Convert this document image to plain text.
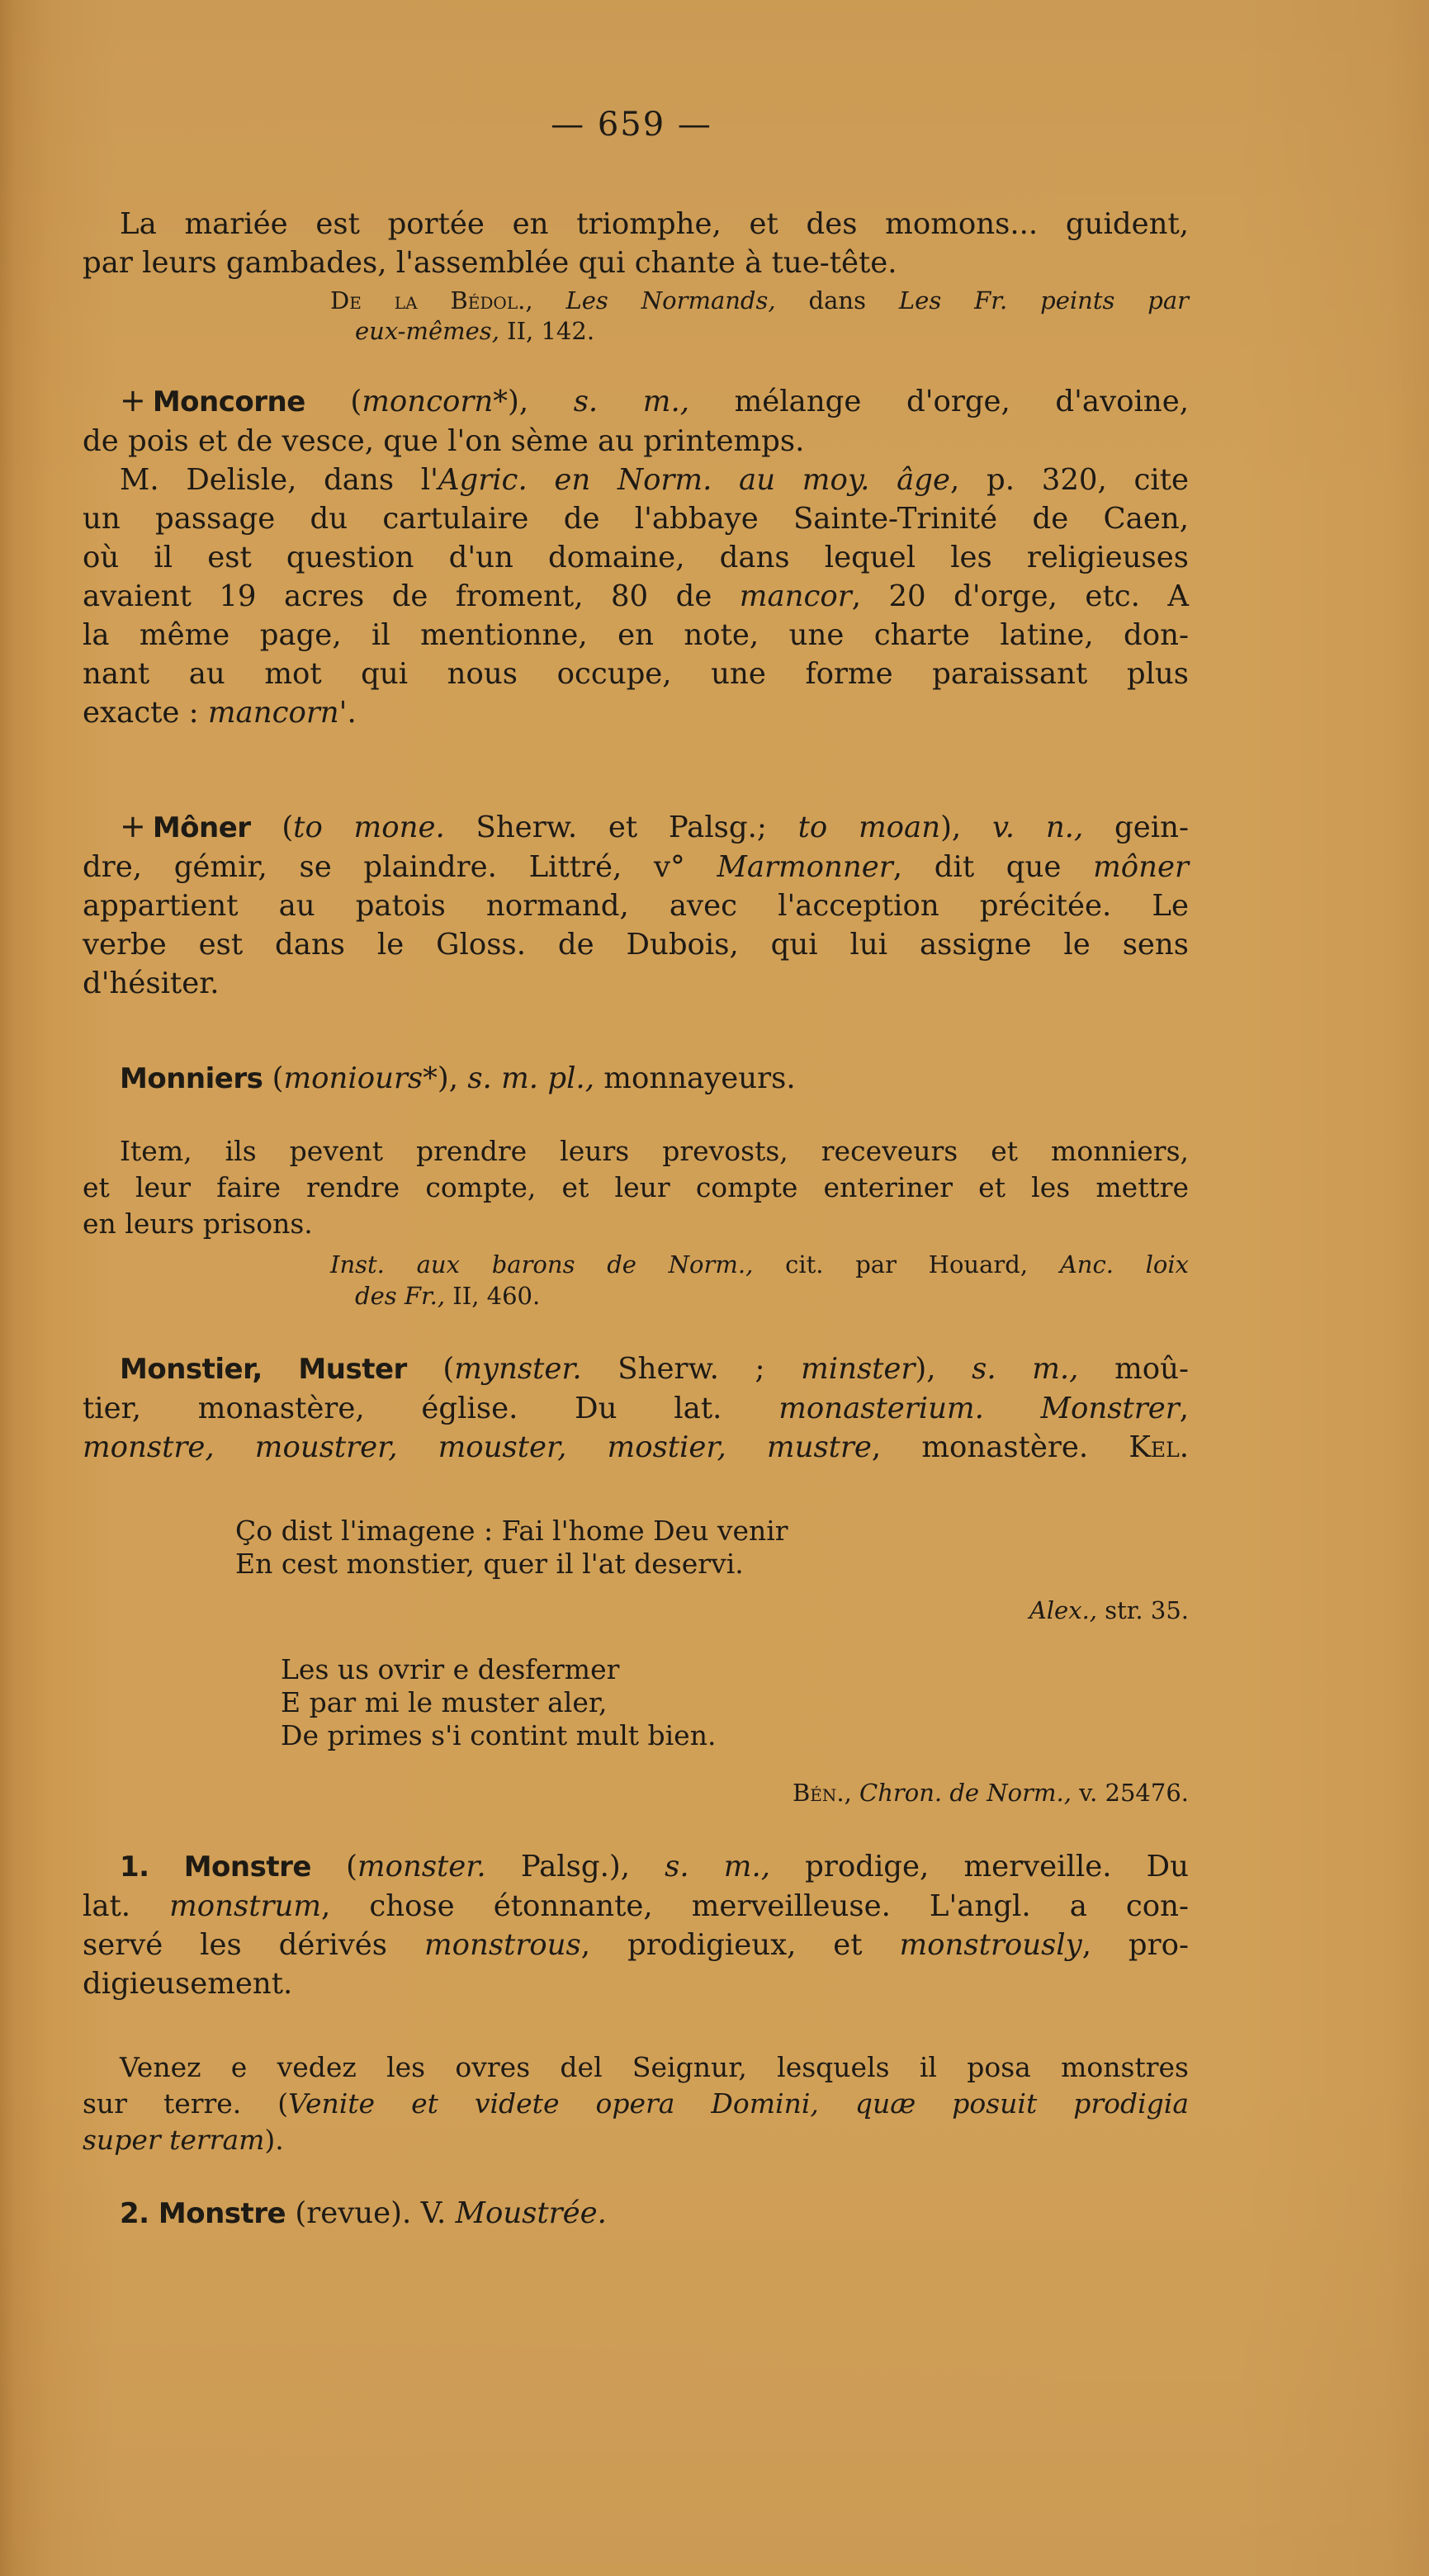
— 659 —
La mariée est portée en triomphe, et des momons... guident,
par leurs gambades, l'assemblée qui chante à tue-tête.
De la Bédol., Les Normands, dans Les Fr. peints par
eux-mêmes, II, 142.
+ Moncorne (moncorn*), s. m., mélange d'orge, d'avoine,
de pois et de vesce, que l'on sème au printemps.
M. Delisle, dans l'Agric. en Norm. au moy. âge, p. 320, cite
un passage du cartulaire de l'abbaye Sainte-Trinité de Caen,
où il est question d'un domaine, dans lequel les religieuses
avaient 19 acres de froment, 80 de mancor, 20 d'orge, etc. A
la même page, il mentionne, en note, une charte latine, don-
nant au mot qui nous occupe, une forme paraissant plus
exacte : mancorn'.
+ Môner (to mone. Sherw. et Palsg.; to moan), v. n., gein-
dre, gémir, se plaindre. Littré, v° Marmonner, dit que môner
appartient au patois normand, avec l'acception précitée. Le
verbe est dans le Gloss. de Dubois, qui lui assigne le sens
d'hésiter.
Monniers (moniours*), s. m. pl., monnayeurs.
Item, ils pevent prendre leurs prevosts, receveurs et monniers,
et leur faire rendre compte, et leur compte enteriner et les mettre
en leurs prisons.
Inst. aux barons de Norm., cit. par Houard, Anc. loix
des Fr., II, 460.
Monstier, Muster (mynster. Sherw. ; minster), s. m., moû-
tier, monastère, église. Du lat. monasterium. Monstrer,
monstre, moustrer, mouster, mostier, mustre, monastère. Kel.
Ço dist l'imagene : Fai l'home Deu venir
En cest monstier, quer il l'at deservi.
Alex., str. 35.
Les us ovrir e desfermer
E par mi le muster aler,
De primes s'i contint mult bien.
Bén., Chron. de Norm., v. 25476.
1. Monstre (monster. Palsg.), s. m., prodige, merveille. Du
lat. monstrum, chose étonnante, merveilleuse. L'angl. a con-
servé les dérivés monstrous, prodigieux, et monstrously, pro-
digieusement.
Venez e vedez les ovres del Seignur, lesquels il posa monstres
sur terre. (Venite et videte opera Domini, quæ posuit prodigia
super terram).
2. Monstre (revue). V. Moustrée.
